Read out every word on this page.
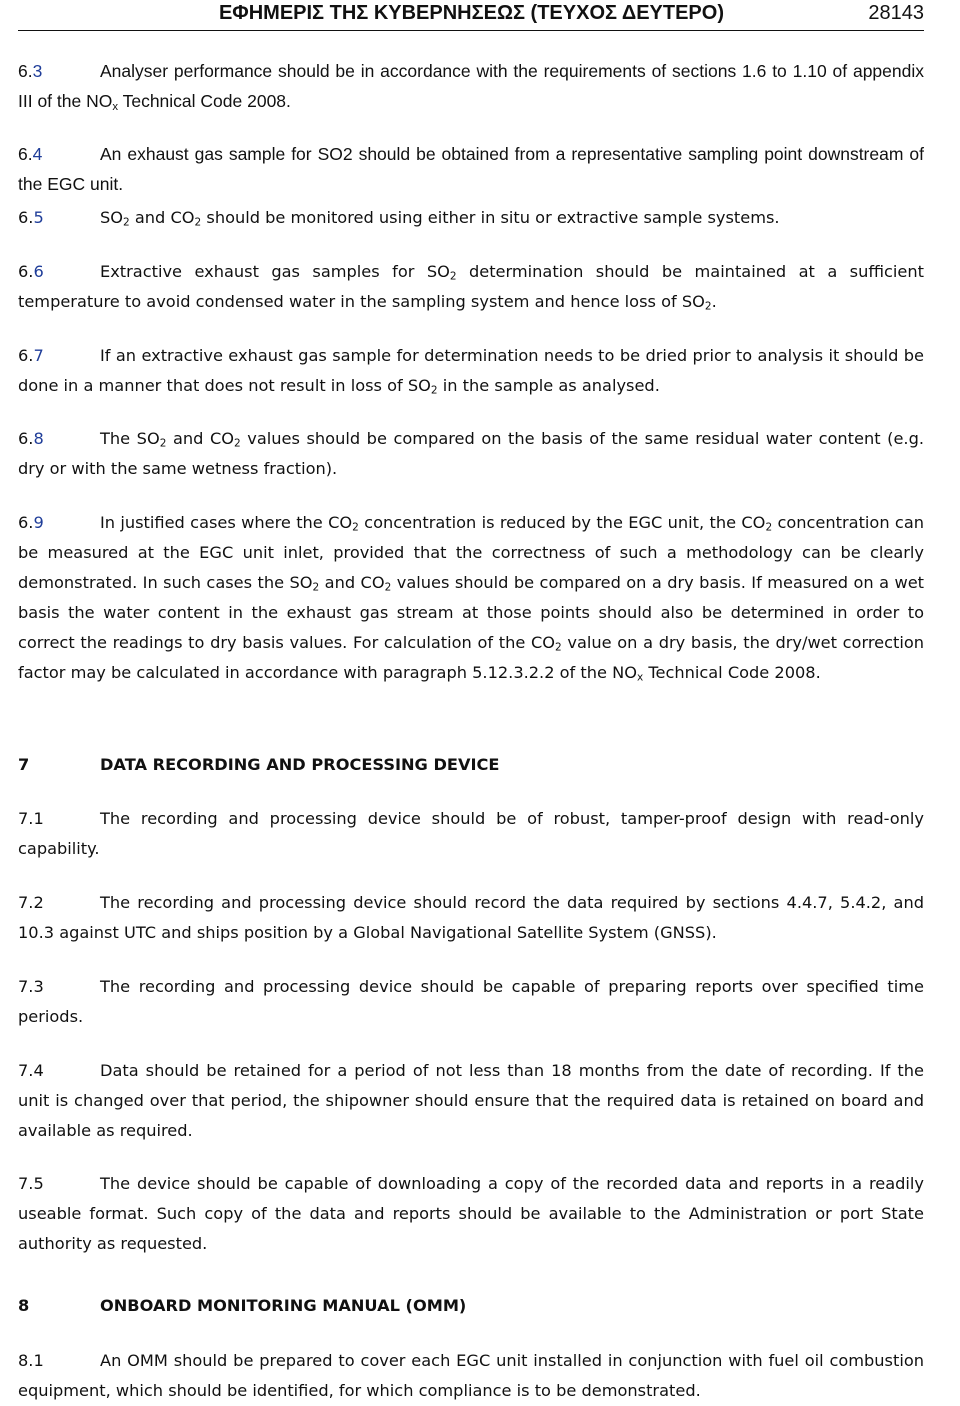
ΕΦΗΜΕΡΙΣ ΤΗΣ ΚΥΒΕΡΝΗΣΕΩΣ (ΤΕΥΧΟΣ ΔΕΥΤΕΡΟ)	28143

6.3	Analyser performance should be in accordance with the requirements of sections 1.6 to 1.10 of appendix III of the $NO_x$ Technical Code 2008.

6.4	An exhaust gas sample for SO2 should be obtained from a representative sampling point downstream of the EGC unit.

6.5	$SO_2$ and $CO_2$ should be monitored using either in situ or extractive sample systems.

6.6	Extractive exhaust gas samples for $SO_2$ determination should be maintained at a sufficient temperature to avoid condensed water in the sampling system and hence loss of $SO_2$.

6.7	If an extractive exhaust gas sample for determination needs to be dried prior to analysis it should be done in a manner that does not result in loss of $SO_2$ in the sample as analysed.

6.8	The $SO_2$ and $CO_2$ values should be compared on the basis of the same residual water content (e.g. dry or with the same wetness fraction).

6.9	In justified cases where the $CO_2$ concentration is reduced by the EGC unit, the $CO_2$ concentration can be measured at the EGC unit inlet, provided that the correctness of such a methodology can be clearly demonstrated. In such cases the $SO_2$ and $CO_2$ values should be compared on a dry basis. If measured on a wet basis the water content in the exhaust gas stream at those points should also be determined in order to correct the readings to dry basis values. For calculation of the $CO_2$ value on a dry basis, the dry/wet correction factor may be calculated in accordance with paragraph 5.12.3.2.2 of the $NO_x$ Technical Code 2008.

7	DATA RECORDING AND PROCESSING DEVICE

7.1	The recording and processing device should be of robust, tamper-proof design with read-only capability.

7.2	The recording and processing device should record the data required by sections 4.4.7, 5.4.2, and 10.3 against UTC and ships position by a Global Navigational Satellite System (GNSS).

7.3	The recording and processing device should be capable of preparing reports over specified time periods.

7.4	Data should be retained for a period of not less than 18 months from the date of recording. If the unit is changed over that period, the shipowner should ensure that the required data is retained on board and available as required.

7.5	The device should be capable of downloading a copy of the recorded data and reports in a readily useable format. Such copy of the data and reports should be available to the Administration or port State authority as requested.

8	ONBOARD MONITORING MANUAL (OMM)

8.1	An OMM should be prepared to cover each EGC unit installed in conjunction with fuel oil combustion equipment, which should be identified, for which compliance is to be demonstrated.
